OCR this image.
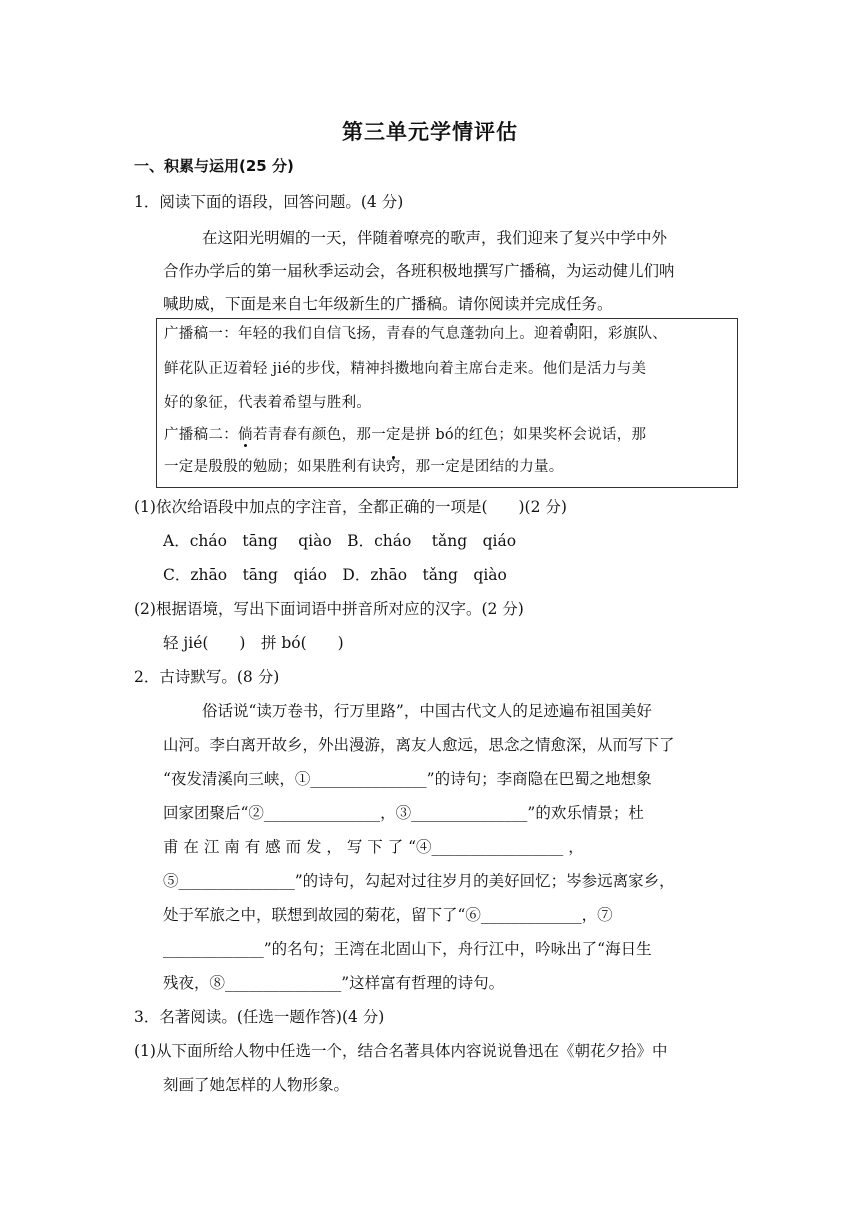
第三单元学情评估
一、积累与运用(25 分)
1．阅读下面的语段，回答问题。(4 分)
在这阳光明媚的一天，伴随着嘹亮的歌声，我们迎来了复兴中学中外
合作办学后的第一届秋季运动会，各班积极地撰写广播稿，为运动健儿们呐
喊助威，下面是来自七年级新生的广播稿。请你阅读并完成任务。
广播稿一：年轻的我们自信飞扬，青春的气息蓬勃向上。迎着朝阳，彩旗队、
鲜花队正迈着轻 jié的步伐，精神抖擞地向着主席台走来。他们是活力与美
好的象征，代表着希望与胜利。
广播稿二：倘若青春有颜色，那一定是拼 bó的红色；如果奖杯会说话，那
一定是殷殷的勉励；如果胜利有诀窍，那一定是团结的力量。
(1)依次给语段中加点的字注音，全都正确的一项是(　　)(2 分)
A．cháo　tāng　 qiào　B．cháo　 tǎng　qiáo
C．zhāo　tāng　qiáo　D．zhāo　tǎng　qiào
(2)根据语境，写出下面词语中拼音所对应的汉字。(2 分)
轻 jié(　　)　拼 bó(　　)
2．古诗默写。(8 分)
俗话说“读万卷书，行万里路”，中国古代文人的足迹遍布祖国美好
山河。李白离开故乡，外出漫游，离友人愈远，思念之情愈深，从而写下了
“夜发清溪向三峡，①_______________”的诗句；李商隐在巴蜀之地想象
回家团聚后“②_______________，③_______________”的欢乐情景；杜
甫 在 江 南 有 感 而 发 ， 写 下 了 “④_________________ ，
⑤_______________”的诗句，勾起对过往岁月的美好回忆；岑参远离家乡，
处于军旅之中，联想到故园的菊花，留下了“⑥_____________，⑦
_____________”的名句；王湾在北固山下，舟行江中，吟咏出了“海日生
残夜，⑧_______________”这样富有哲理的诗句。
3．名著阅读。(任选一题作答)(4 分)
(1)从下面所给人物中任选一个，结合名著具体内容说说鲁迅在《朝花夕拾》中
刻画了她怎样的人物形象。
